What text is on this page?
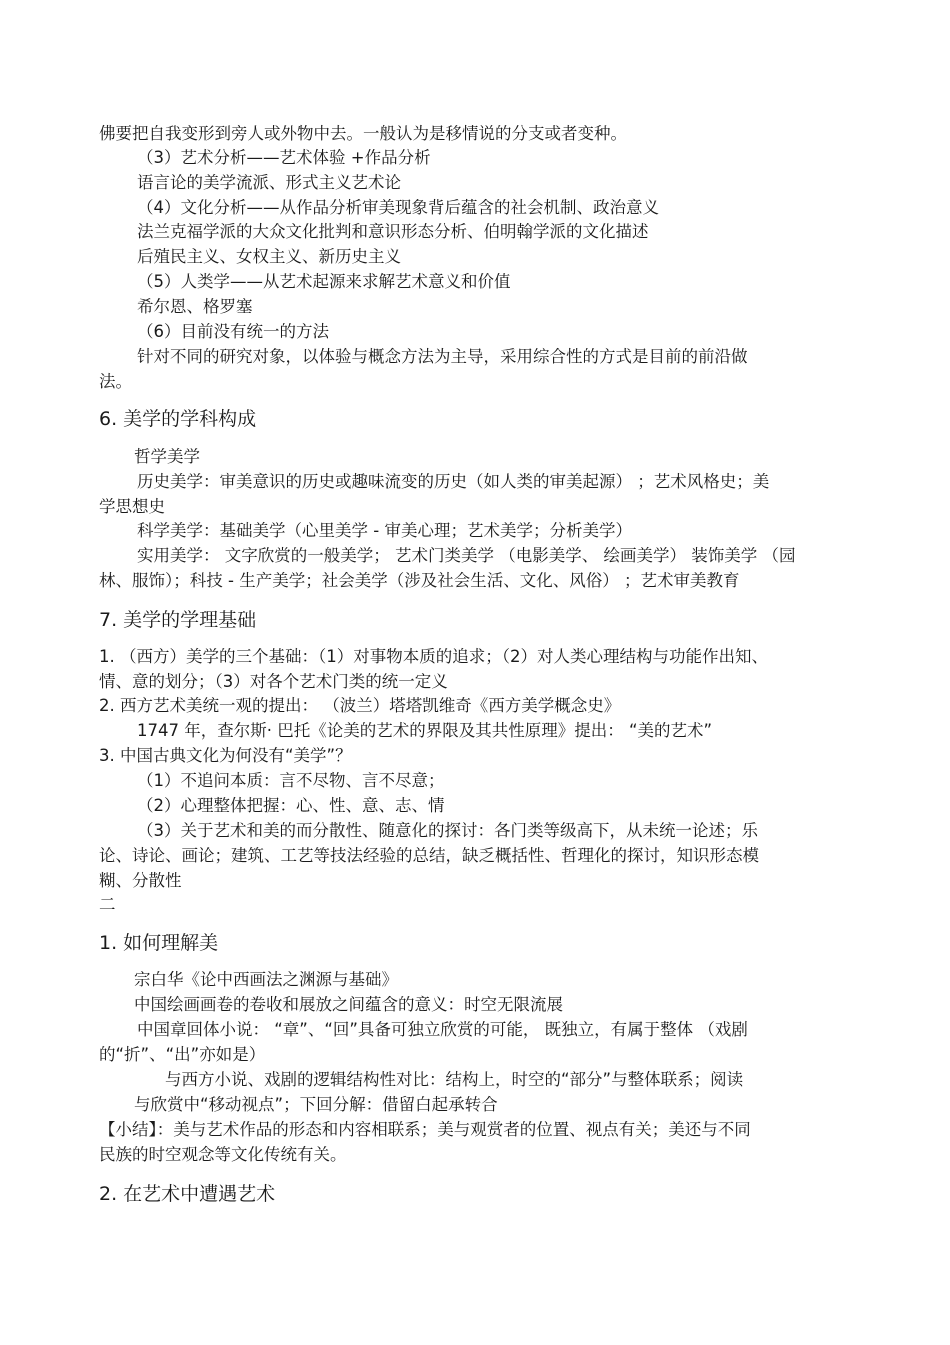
佛要把自我变形到旁人或外物中去。一般认为是移情说的分支或者变种。
（3）艺术分析——艺术体验 +作品分析
语言论的美学流派、形式主义艺术论
（4）文化分析——从作品分析审美现象背后蕴含的社会机制、政治意义
法兰克福学派的大众文化批判和意识形态分析、伯明翰学派的文化描述
后殖民主义、女权主义、新历史主义
（5）人类学——从艺术起源来求解艺术意义和价值
希尔恩、格罗塞
（6）目前没有统一的方法
针对不同的研究对象，以体验与概念方法为主导，采用综合性的方式是目前的前沿做
法。
6. 美学的学科构成
哲学美学
历史美学：审美意识的历史或趣味流变的历史（如人类的审美起源） ；艺术风格史；美
学思想史
科学美学：基础美学（心里美学 - 审美心理；艺术美学；分析美学）
实用美学： 文字欣赏的一般美学； 艺术门类美学 （电影美学、 绘画美学） 装饰美学 （园
林、服饰）；科技 - 生产美学；社会美学（涉及社会生活、文化、风俗） ；艺术审美教育
7. 美学的学理基础
1. （西方）美学的三个基础：（1）对事物本质的追求；（2）对人类心理结构与功能作出知、
情、意的划分；（3）对各个艺术门类的统一定义
2. 西方艺术美统一观的提出： （波兰）塔塔凯维奇《西方美学概念史》
1747 年，查尔斯· 巴托《论美的艺术的界限及其共性原理》提出： “美的艺术”
3. 中国古典文化为何没有“美学”？
（1）不追问本质：言不尽物、言不尽意；
（2）心理整体把握：心、性、意、志、情
（3）关于艺术和美的而分散性、随意化的探讨：各门类等级高下，从未统一论述；乐
论、诗论、画论；建筑、工艺等技法经验的总结，缺乏概括性、哲理化的探讨，知识形态模
糊、分散性
二
1. 如何理解美
宗白华《论中西画法之渊源与基础》
中国绘画画卷的卷收和展放之间蕴含的意义：时空无限流展
中国章回体小说： “章”、“回”具备可独立欣赏的可能， 既独立，有属于整体 （戏剧
的“折”、“出”亦如是）
与西方小说、戏剧的逻辑结构性对比：结构上，时空的“部分”与整体联系；阅读
与欣赏中“移动视点”；下回分解：借留白起承转合
【小结】：美与艺术作品的形态和内容相联系；美与观赏者的位置、视点有关；美还与不同
民族的时空观念等文化传统有关。
2. 在艺术中遭遇艺术
